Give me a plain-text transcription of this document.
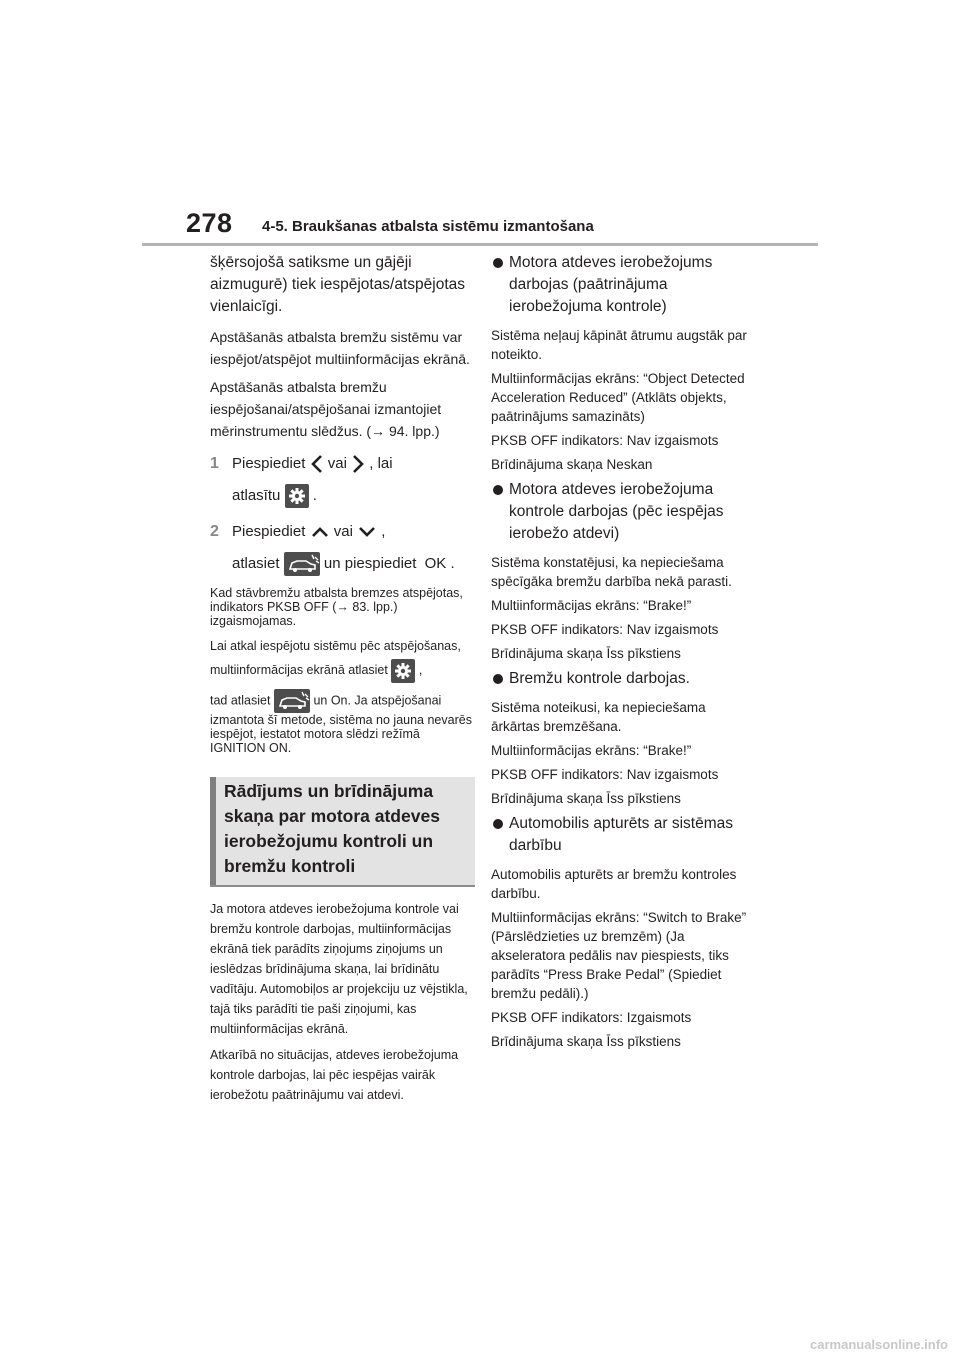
278 4-5. Braukšanas atbalsta sistēmu izmantošana

šķērsojošā satiksme un gājēji aizmugurē) tiek iespējotas/atspējotas vienlaicīgi.

Apstāšanās atbalsta bremžu sistēmu var iespējot/atspējot multiinformācijas ekrānā.

Apstāšanās atbalsta bremžu iespējošanai/atspējošanai izmantojiet mērinstrumentu slēdžus. (→ 94. lpp.)

1 Piespiediet vai , lai
atlasītu .
2 Piespiediet vai ,
atlasiet	un piespiediet OK .

Kad stāvbremžu atbalsta bremzes atspējotas, indikators PKSB OFF (→ 83. lpp.) izgaismojamas.

Lai atkal iespējotu sistēmu pēc atspējošanas, multiinformācijas ekrānā atlasiet ,

tad atlasiet	un On. Ja atspējošanai izmantota šī metode, sistēma no jauna nevarēs iespējot, iestatot motora slēdzi režīmā IGNITION ON.

Rādījums un brīdinājuma
skaņa par motora atdeves
ierobežojumu kontroli un
bremžu kontroli

Ja motora atdeves ierobežojuma kontrole vai bremžu kontrole darbojas, multiinformācijas ekrānā tiek parādīts ziņojums ziņojums un ieslēdzas brīdinājuma skaņa, lai brīdinātu vadītāju. Automobiļos ar projekciju uz vējstikla, tajā tiks parādīti tie paši ziņojumi, kas multiinformācijas ekrānā.

Atkarībā no situācijas, atdeves ierobežojuma kontrole darbojas, lai pēc iespējas vairāk ierobežotu paātrinājumu vai atdevi.

Motora atdeves ierobežojums darbojas (paātrinājuma ierobežojuma kontrole)

Sistēma neļauj kāpināt ātrumu augstāk par noteikto.

Multiinformācijas ekrāns: “Object Detected Acceleration Reduced” (Atklāts objekts, paātrinājums samazināts)

PKSB OFF indikators: Nav izgaismots

Brīdinājuma skaņa Neskan

Motora atdeves ierobežojuma kontrole darbojas (pēc iespējas ierobežo atdevi)

Sistēma konstatējusi, ka nepieciešama spēcīgāka bremžu darbība nekā parasti.

Multiinformācijas ekrāns: “Brake!”

PKSB OFF indikators: Nav izgaismots

Brīdinājuma skaņa Īss pīkstiens

Bremžu kontrole darbojas.

Sistēma noteikusi, ka nepieciešama ārkārtas bremzēšana.

Multiinformācijas ekrāns: “Brake!”

PKSB OFF indikators: Nav izgaismots

Brīdinājuma skaņa Īss pīkstiens

Automobilis apturēts ar sistēmas darbību

Automobilis apturēts ar bremžu kontroles darbību.

Multiinformācijas ekrāns: “Switch to Brake” (Pārslēdzieties uz bremzēm) (Ja akseleratora pedālis nav piespiests, tiks parādīts “Press Brake Pedal” (Spiediet bremžu pedāli).)

PKSB OFF indikators: Izgaismots

Brīdinājuma skaņa Īss pīkstiens

carmanualsonline.info
